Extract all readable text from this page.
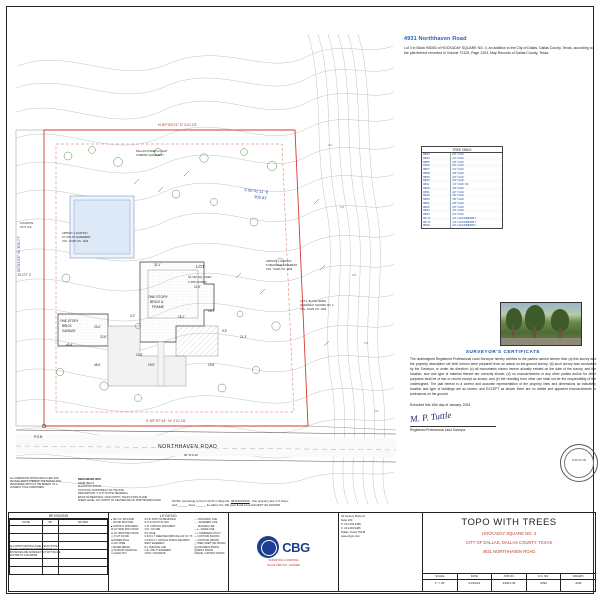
N 89°59'21" E 210.23'
S 00°02'11" E
309.81'
S 89°57'44" W 210.15'
N 00°01'55" W 309.77'	LOT
64,462 SQ. FEET
1.480 ACRES
LOT 2
ONE STORY
BRICK &
FRAME
ONE STORY
BRICK
GARAGE
32.1'
23.2'
22.6'
3.2'
11.9'
15.1'
40.4'
45.0'	19.5'	19.5'
18.1'
9.3'
21.3'
13.4'
APPROX. LOCATION
10' UTILITY EASEMENT
VOL. 72125, PG. 1203
APPROX. LOCATION
5' DRAINAGE EASEMENT
VOL. 72125, PG. 1203
LOT 4, BLOCK 9/8392
HOCKADAY SQUARE NO. 4
VOL. 72125, PG. 1203
DALLAS POWER & LIGHT
COMPANY EASEMENT
LOCATION
OF 5' U.E.
NORTHHAVEN ROAD
60' R.O.W.
P.O.B.
622
624
626
628
630
4931 Northhaven Road
Lot 3 in Block 9/8392 of HOCKADAY SQUARE NO. 4, an addition to the City of Dallas, Dallas County, Texas, according to the plat thereof recorded in Volume 72125, Page 1203, Map Records of Dallas County, Texas.
TREE TABLE
9853	20" OAK
9854	12" OAK
9855	28" OAK
9356	30" OAK
9857	24" OAK
9858	18" OAK
9859	20" OAK
9860	22" OAK
9811	14" OAK X2
9820	18" OAK
9831	22" OAK
9840	30" OAK
9850	18" OAK
9861	28" OAK
9862	20" OAK
9863	15" OAK
9864	24" OAK
98-71	12" HACKBERRY
98-72	14" HACKBERRY
9836	12" HACKBERRY
SURVEYOR'S CERTIFICATE
The undersigned Registered Professional Land Surveyor hereby certifies to the parties named hereon that: (a) this survey and the property description set forth hereon were prepared from an actual on-the-ground survey; (b) such survey was conducted by the Surveyor, or under his direction; (c) all monuments shown hereon actually existed on the date of the survey, and the location, size and type of material thereof are correctly shown; (d) no encroachments or any other parties and/or for other purposes shall be of law or record except as shown; and (e) the resulting from other use shall not be the responsibility of the undersigned. The plat hereon is a correct and accurate representation of the property lines and dimensions as indicated; location and type of buildings are as shown; and EXCEPT as shown there are no visible and apparent encroachments or protrusions on the ground.
Executed this 16th day of January, 2024
M. P. Tuttle
Registered Professional Land Surveyor
SURVEYOR
NOTE: According to the F.I.R.M. in Map No. 48113C0190K , this property lies in X Zone,
and ______ does ______ lie within the 100 year flood zone EXCEPT AS SHOWN
BENCHMARK INFO
NAME: BM-01
ELEVATION: 625.18'
LOCATION: NORTHWEST OF THE SITE
DESCRIPTION: X CUT ON THE HEADWALL
BASIS OF BEARINGS: GRID NORTH, TEXAS STATE PLANE
SHEET LEVEL: NO. NORTH OF CENTERLINE OF NORTHHAVEN ROAD
ALL DIMENSIONS SHOWN ARE IN FEET AND DECIMAL PARTS THEREOF. THE SURVEY WAS PERFORMED WITHOUT THE BENEFIT OF A CURRENT TITLE COMMITMENT.
ALL NORTH CENTRAL ZONE, TEXAS STATE PLANE COORDINATE SYSTEM NAD 83. ALL DISTANCES ARE SURFACE PLAT WITH SCALE FACTOR OF 1.000136506.
REVISIONS
DATE	BY	NOTES

LEGEND
● SET 1/2" IRON ROD
○ FOUND IRON ROD
■ CONTROL MONUMENT
☒ 1/2" IRON ROD FOUND
⊗ 1/2" IRON PIPE FOUND
△ X CUT FOUND
⊕ POWER POLE
⊚ GUY WIRE
□ WATER METER
◎ SANITARY MANHOLE
⊙ CLEAN OUT
P.O.B. POINT OF BEGINNING
R.O.W. RIGHT OF WAY
C.M. CONTROL MONUMENT
VOL. VOLUME
PG. PAGE
D.R.D.C.T. DEED RECORDS DALLAS CO. TX
O.P.R.D.C.T. OFFICIAL PUBLIC RECORDS
ESMT. EASEMENT
B.L. BUILDING LINE
U.E. UTILITY EASEMENT
CONC. CONCRETE
── BOUNDARY LINE
─ ─ EASEMENT LINE
···· BUILDING LINE
—x— FENCE LINE
∿∿ OVERHEAD UTILITY
≈≈ CONTOUR (MAJOR)
–– CONTOUR (MINOR)
△ TREE (SIZE/TYPE NOTED)
▤ CONCRETE PAVING
▧ BRICK PAVING
GRAVEL / ASPHALT PAVING	CBG
SURVEYING & MAPPING
TEXAS FIRM NO. 10194390
49 Century Place Dr
Suite 200
P: 214.349.9485
F: 214.349.9486
Dallas, Texas 75248
www.cbgtx.com
TOPO WITH TREES
HOCKADAY SQUARE NO. 4
CITY OF DALLAS, DALLAS COUNTY, TEXAS
4931 NORTHHAVEN ROAD
SCALE
1" = 20'
DATE
01/16/24
JOB NO.
24001-45
D.F. NO.
0394
DRAWN
JGM
